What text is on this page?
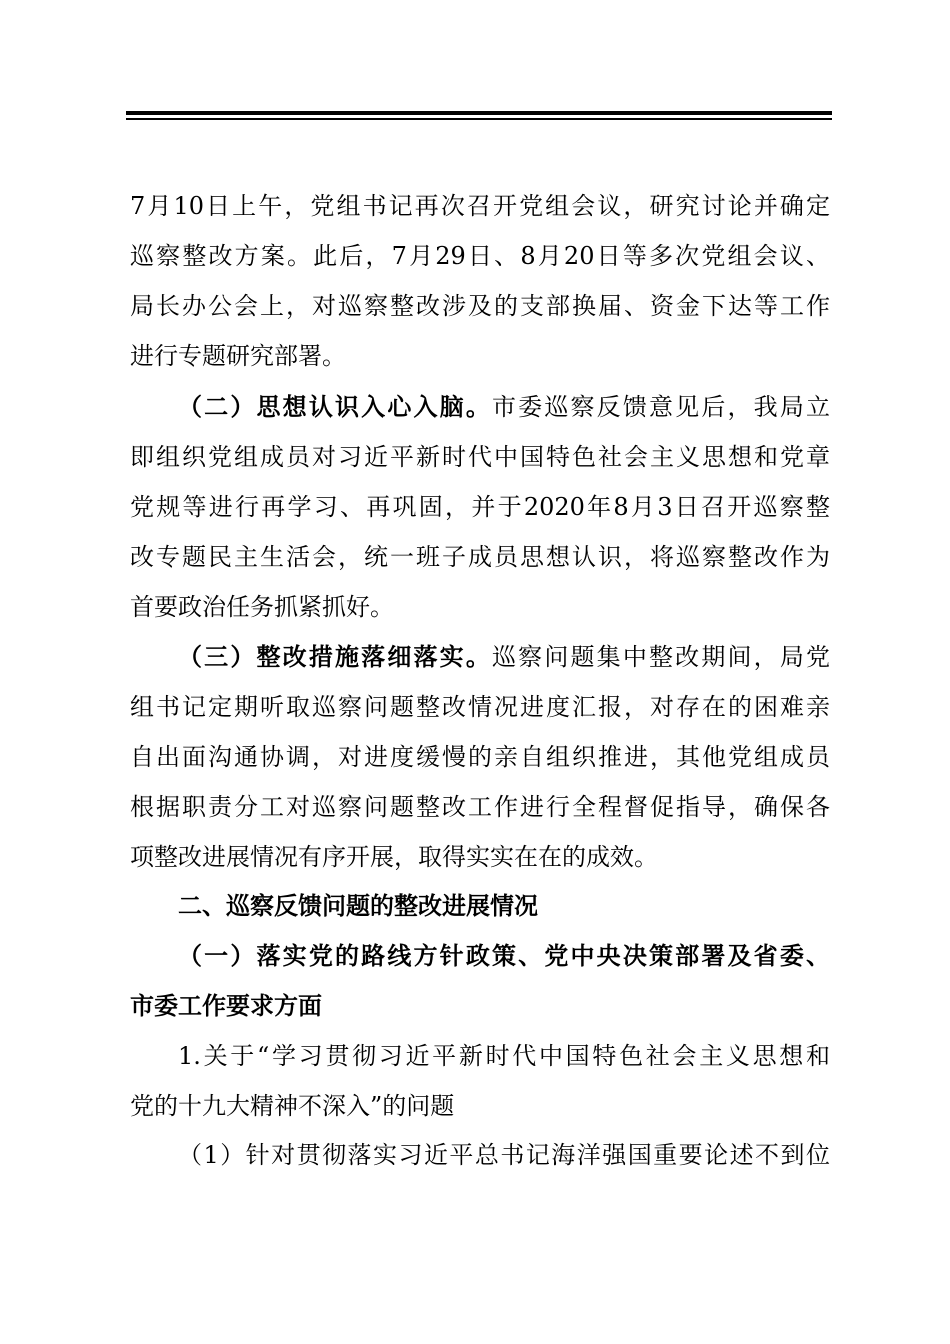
7月10日上午，党组书记再次召开党组会议，研究讨论并确定
巡察整改方案。此后，7月29日、8月20日等多次党组会议、
局长办公会上，对巡察整改涉及的支部换届、资金下达等工作
进行专题研究部署。
（二）思想认识入心入脑。市委巡察反馈意见后，我局立
即组织党组成员对习近平新时代中国特色社会主义思想和党章
党规等进行再学习、再巩固，并于2020年8月3日召开巡察整
改专题民主生活会，统一班子成员思想认识，将巡察整改作为
首要政治任务抓紧抓好。
（三）整改措施落细落实。巡察问题集中整改期间，局党
组书记定期听取巡察问题整改情况进度汇报，对存在的困难亲
自出面沟通协调，对进度缓慢的亲自组织推进，其他党组成员
根据职责分工对巡察问题整改工作进行全程督促指导，确保各
项整改进展情况有序开展，取得实实在在的成效。
二、巡察反馈问题的整改进展情况
（一）落实党的路线方针政策、党中央决策部署及省委、
市委工作要求方面
1.关于“学习贯彻习近平新时代中国特色社会主义思想和
党的十九大精神不深入”的问题
（1）针对贯彻落实习近平总书记海洋强国重要论述不到位
